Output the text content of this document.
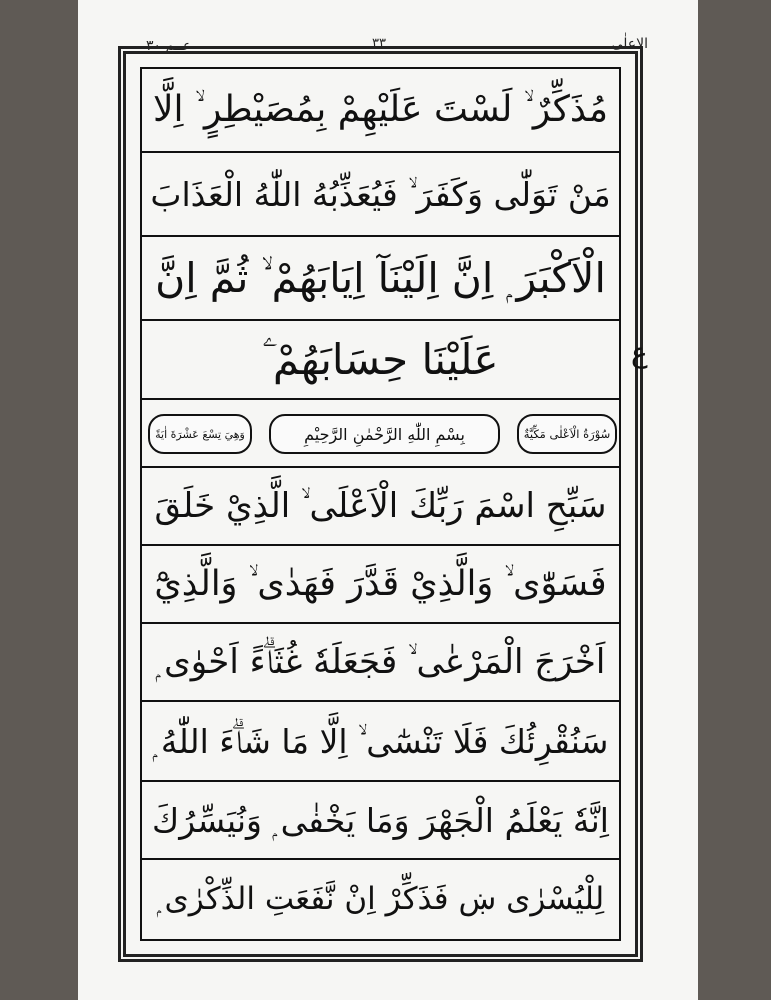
عــم ٣٠	٣٣	الاعلٰی
مُذَكِّرٌ ۙ لَسْتَ عَلَيْهِمْ بِمُصَيْطِرٍ ۙ اِلَّا
مَنْ تَوَلّٰى وَكَفَرَ ۙ فَيُعَذِّبُهُ اللّٰهُ الْعَذَابَ
الْاَكْبَرَ ۭ اِنَّ اِلَيْنَآ اِيَابَهُمْ ۙ ثُمَّ اِنَّ
عَلَيْنَا حِسَابَهُمْ ۧ
وَهِيَ تِسْعَ عَشْرَةَ اٰيَةً	بِسْمِ اللّٰهِ الرَّحْمٰنِ الرَّحِيْمِ	سُوْرَةُ الْاَعْلٰى مَكِّيَّةٌ
سَبِّحِ اسْمَ رَبِّكَ الْاَعْلَى ۙ الَّذِيْ خَلَقَ
فَسَوّٰى ۙ وَالَّذِيْ قَدَّرَ فَهَدٰى ۙ وَالَّذِيْٓ
اَخْرَجَ الْمَرْعٰى ۙ فَجَعَلَهٗ غُثَاۗءً اَحْوٰى ۭ
سَنُقْرِئُكَ فَلَا تَنْسٰٓى ۙ اِلَّا مَا شَاۗءَ اللّٰهُ ۭ
اِنَّهٗ يَعْلَمُ الْجَهْرَ وَمَا يَخْفٰى ۭ وَنُيَسِّرُكَ
لِلْيُسْرٰى ښ فَذَكِّرْ اِنْ نَّفَعَتِ الذِّكْرٰى ۭ
ع
